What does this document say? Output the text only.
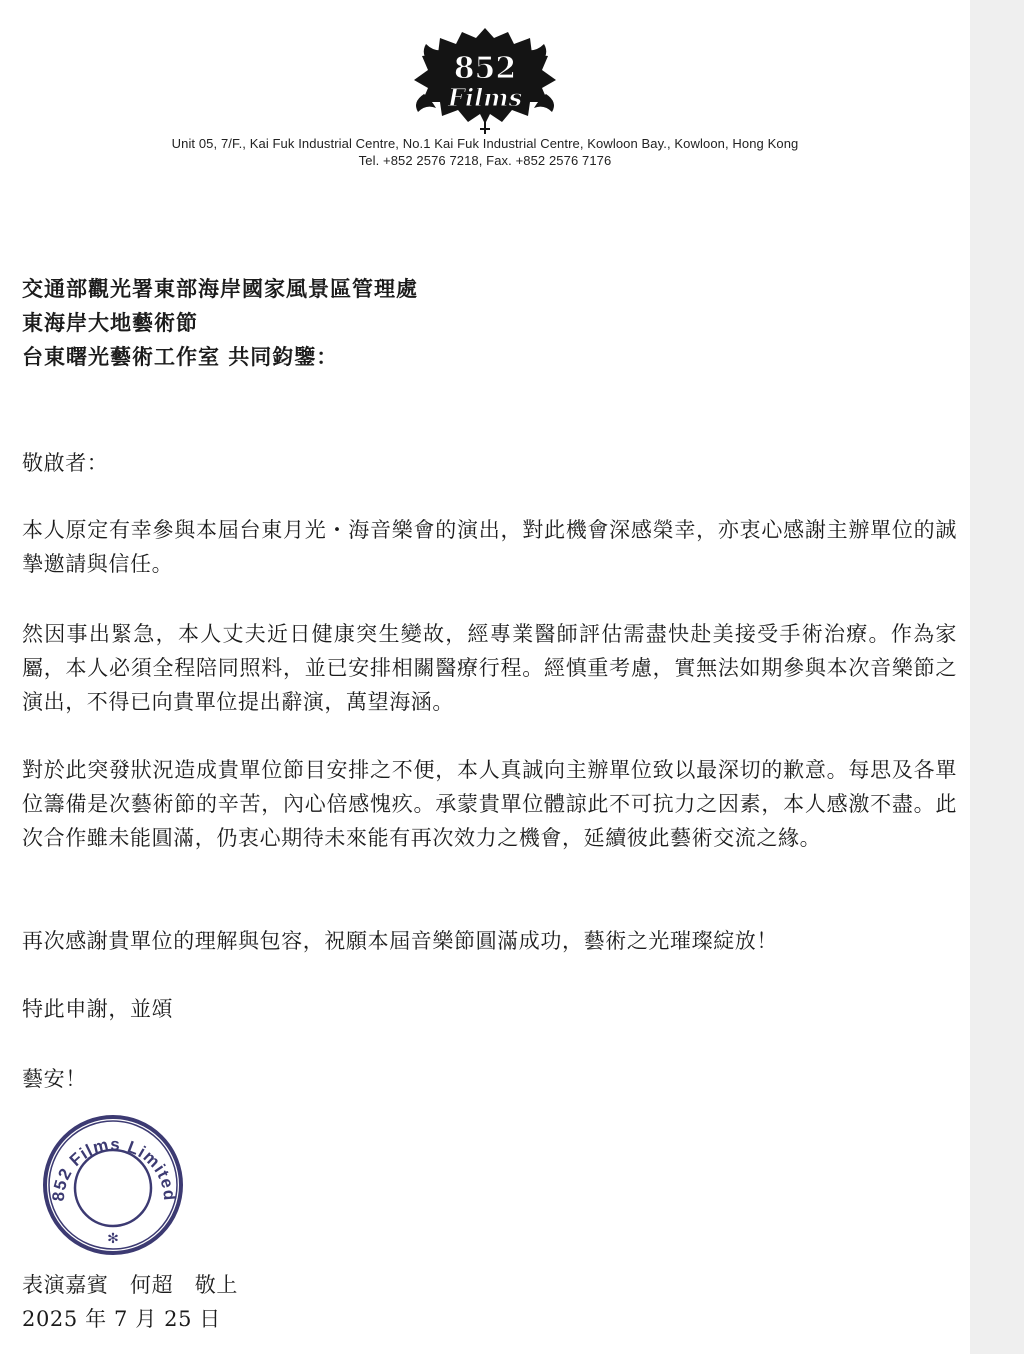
852
Films
Unit 05, 7/F., Kai Fuk Industrial Centre, No.1 Kai Fuk Industrial Centre, Kowloon Bay., Kowloon, Hong Kong
Tel. +852 2576 7218, Fax. +852 2576 7176
交通部觀光署東部海岸國家風景區管理處
東海岸大地藝術節
台東曙光藝術工作室 共同鈞鑒：
敬啟者：
本人原定有幸參與本屆台東月光・海音樂會的演出，對此機會深感榮幸，亦衷心感謝主辦單位的誠摯邀請與信任。
然因事出緊急，本人丈夫近日健康突生變故，經專業醫師評估需盡快赴美接受手術治療。作為家屬，本人必須全程陪同照料，並已安排相關醫療行程。經慎重考慮，實無法如期參與本次音樂節之演出，不得已向貴單位提出辭演，萬望海涵。
對於此突發狀況造成貴單位節目安排之不便，本人真誠向主辦單位致以最深切的歉意。每思及各單位籌備是次藝術節的辛苦，內心倍感愧疚。承蒙貴單位體諒此不可抗力之因素，本人感激不盡。此次合作雖未能圓滿，仍衷心期待未來能有再次效力之機會，延續彼此藝術交流之緣。
再次感謝貴單位的理解與包容，祝願本屆音樂節圓滿成功，藝術之光璀璨綻放！
特此申謝，並頌
藝安！
852 Films Limited
✻
表演嘉賓　何超　敬上
2025 年 7 月 25 日
